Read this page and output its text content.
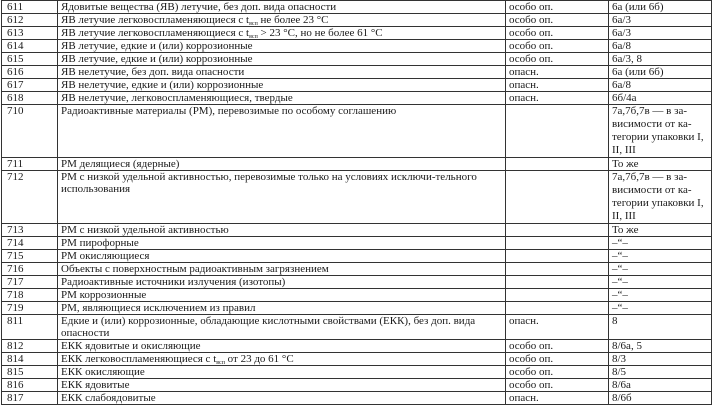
611	Ядовитые вещества (ЯВ) летучие, без доп. вида опасности	особо оп.	6а (или 6б)
612	ЯВ летучие легковоспламеняющиеся с $t_{всп}$ не более 23 °C	особо оп.	6а/3
613	ЯВ летучие легковоспламеняющиеся с $t_{всп} > 23$ °C, но не более 61 °C	особо оп.	6а/3
614	ЯВ летучие, едкие и (или) коррозионные	особо оп.	6а/8
615	ЯВ летучие, едкие и (или) коррозионные	особо оп.	6а/3, 8
616	ЯВ нелетучие, без доп. вида опасности	опасн.	6а (или 6б)
617	ЯВ нелетучие, едкие и (или) коррозионные	опасн.	6а/8
618	ЯВ нелетучие, легковоспламеняющиеся, твердые	опасн.	6б/4а
710	Радиоактивные материалы (РМ), перевозимые по особому соглашению		7а,7б,7в — в за-висимости от ка-тегории упаковки I, II, III
711	РМ делящиеся (ядерные)		То же
712	РМ с низкой удельной активностью, перевозимые только на условиях исключи-тельного использования		7а,7б,7в — в за-висимости от ка-тегории упаковки I, II, III
713	РМ с низкой удельной активностью		То же
714	РМ пирофорные		–“–
715	РМ окисляющиеся		–“–
716	Объекты с поверхностным радиоактивным загрязнением		–“–
717	Радиоактивные источники излучения (изотопы)		–“–
718	РМ коррозионные		–“–
719	РМ, являющиеся исключением из правил		–“–
811	Едкие и (или) коррозионные, обладающие кислотными свойствами (ЕКК), без доп. вида опасности	опасн.	8
812	ЕКК ядовитые и окисляющие	особо оп.	8/6а, 5
814	ЕКК легковоспламеняющиеся с $t_{всп}$ от 23 до 61 °C	особо оп.	8/3
815	ЕКК окисляющие	особо оп.	8/5
816	ЕКК ядовитые	особо оп.	8/6а
817	ЕКК слабоядовитые	опасн.	8/6б
